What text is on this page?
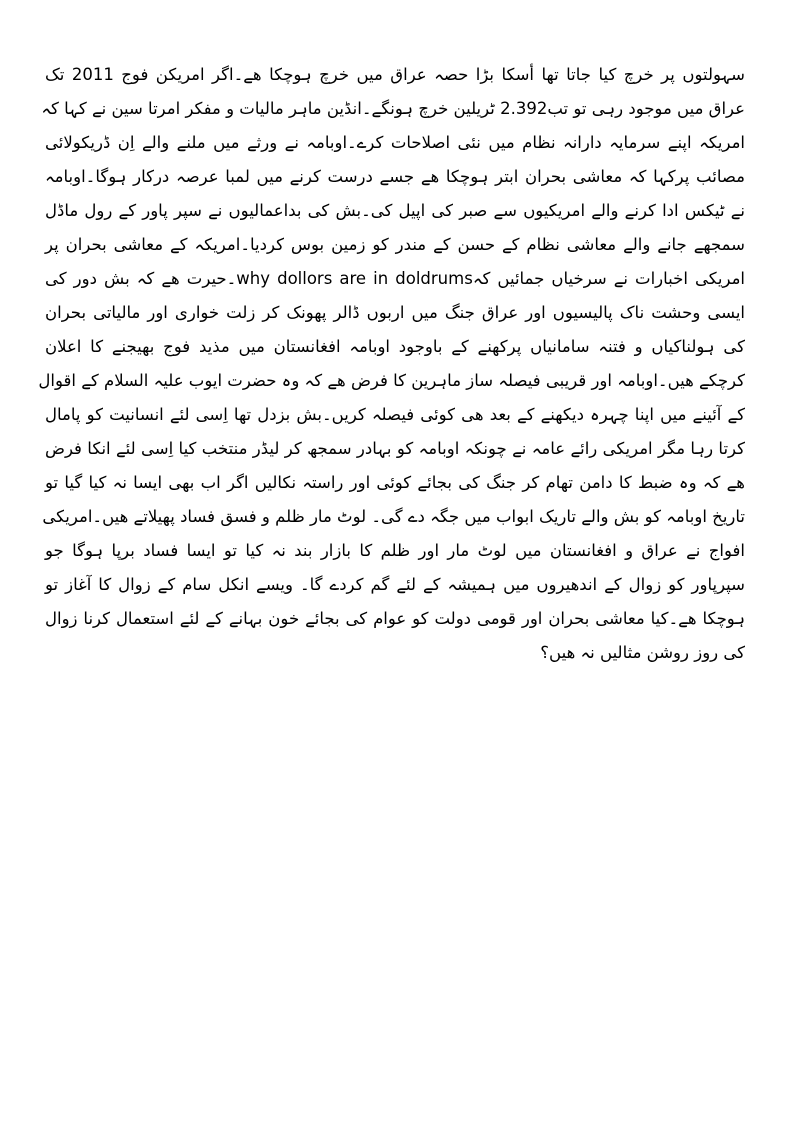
سہولتوں پر خرچ کیا جاتا تھا أسکا بڑا حصہ عراق میں خرچ ہوچکا ھے۔اگر امریکن فوج 2011 تک
عراق میں موجود رہی تو تب2.392 ٹریلین خرچ ہونگے۔انڈین ماہر مالیات و مفکر امرتا سین نے کہا کہ
امریکہ اپنے سرمایہ دارانہ نظام میں نئی اصلاحات کرے۔اوبامہ نے ورثے میں ملنے والے اِن ڈریکولائی
مصائب پرکہا کہ معاشی بحران ابتر ہوچکا ھے جسے درست کرنے میں لمبا عرصہ درکار ہوگا۔اوبامہ
نے ٹیکس ادا کرنے والے امریکیوں سے صبر کی اپیل کی۔بش کی بداعمالیوں نے سپر پاور کے رول ماڈل
سمجھے جانے والے معاشی نظام کے حسن کے مندر کو زمین بوس کردیا۔امریکہ کے معاشی بحران پر
امریکی اخبارات نے سرخیاں جمائیں کہwhy dollors are in doldrums۔حیرت ھے کہ بش دور کی
ایسی وحشت ناک پالیسیوں اور عراق جنگ میں اربوں ڈالر پھونک کر زلت خواری اور مالیاتی بحران
کی ہولناکیاں و فتنہ سامانیاں پرکھنے کے باوجود اوبامہ افغانستان میں مذید فوج بھیجنے کا اعلان
کرچکے ھیں۔اوبامہ اور قریبی فیصلہ ساز ماہرین کا فرض ھے کہ وہ حضرت ایوب علیہ السلام کے اقوال
کے آئینے میں اپنا چہرہ دیکھنے کے بعد ھی کوئی فیصلہ کریں۔بش بزدل تھا اِسی لئے انسانیت کو پامال
کرتا رہا مگر امریکی رائے عامہ نے چونکہ اوبامہ کو بہادر سمجھ کر لیڈر منتخب کیا اِسی لئے انکا فرض
ھے کہ وہ ضبط کا دامن تھام کر جنگ کی بجائے کوئی اور راستہ نکالیں اگر اب بھی ایسا نہ کیا گیا تو
تاریخ اوبامہ کو بش والے تاریک ابواب میں جگہ دے گی۔ لوٹ مار ظلم و فسق فساد پھیلاتے ھیں۔امریکی
افواج نے عراق و افغانستان میں لوٹ مار اور ظلم کا بازار بند نہ کیا تو ایسا فساد برپا ہوگا جو
سپرپاور کو زوال کے اندھیروں میں ہمیشہ کے لئے گم کردے گا۔ ویسے انکل سام کے زوال کا آغاز تو
ہوچکا ھے۔کیا معاشی بحران اور قومی دولت کو عوام کی بجائے خون بہانے کے لئے استعمال کرنا زوال
کی روز روشن مثالیں نہ ھیں؟
